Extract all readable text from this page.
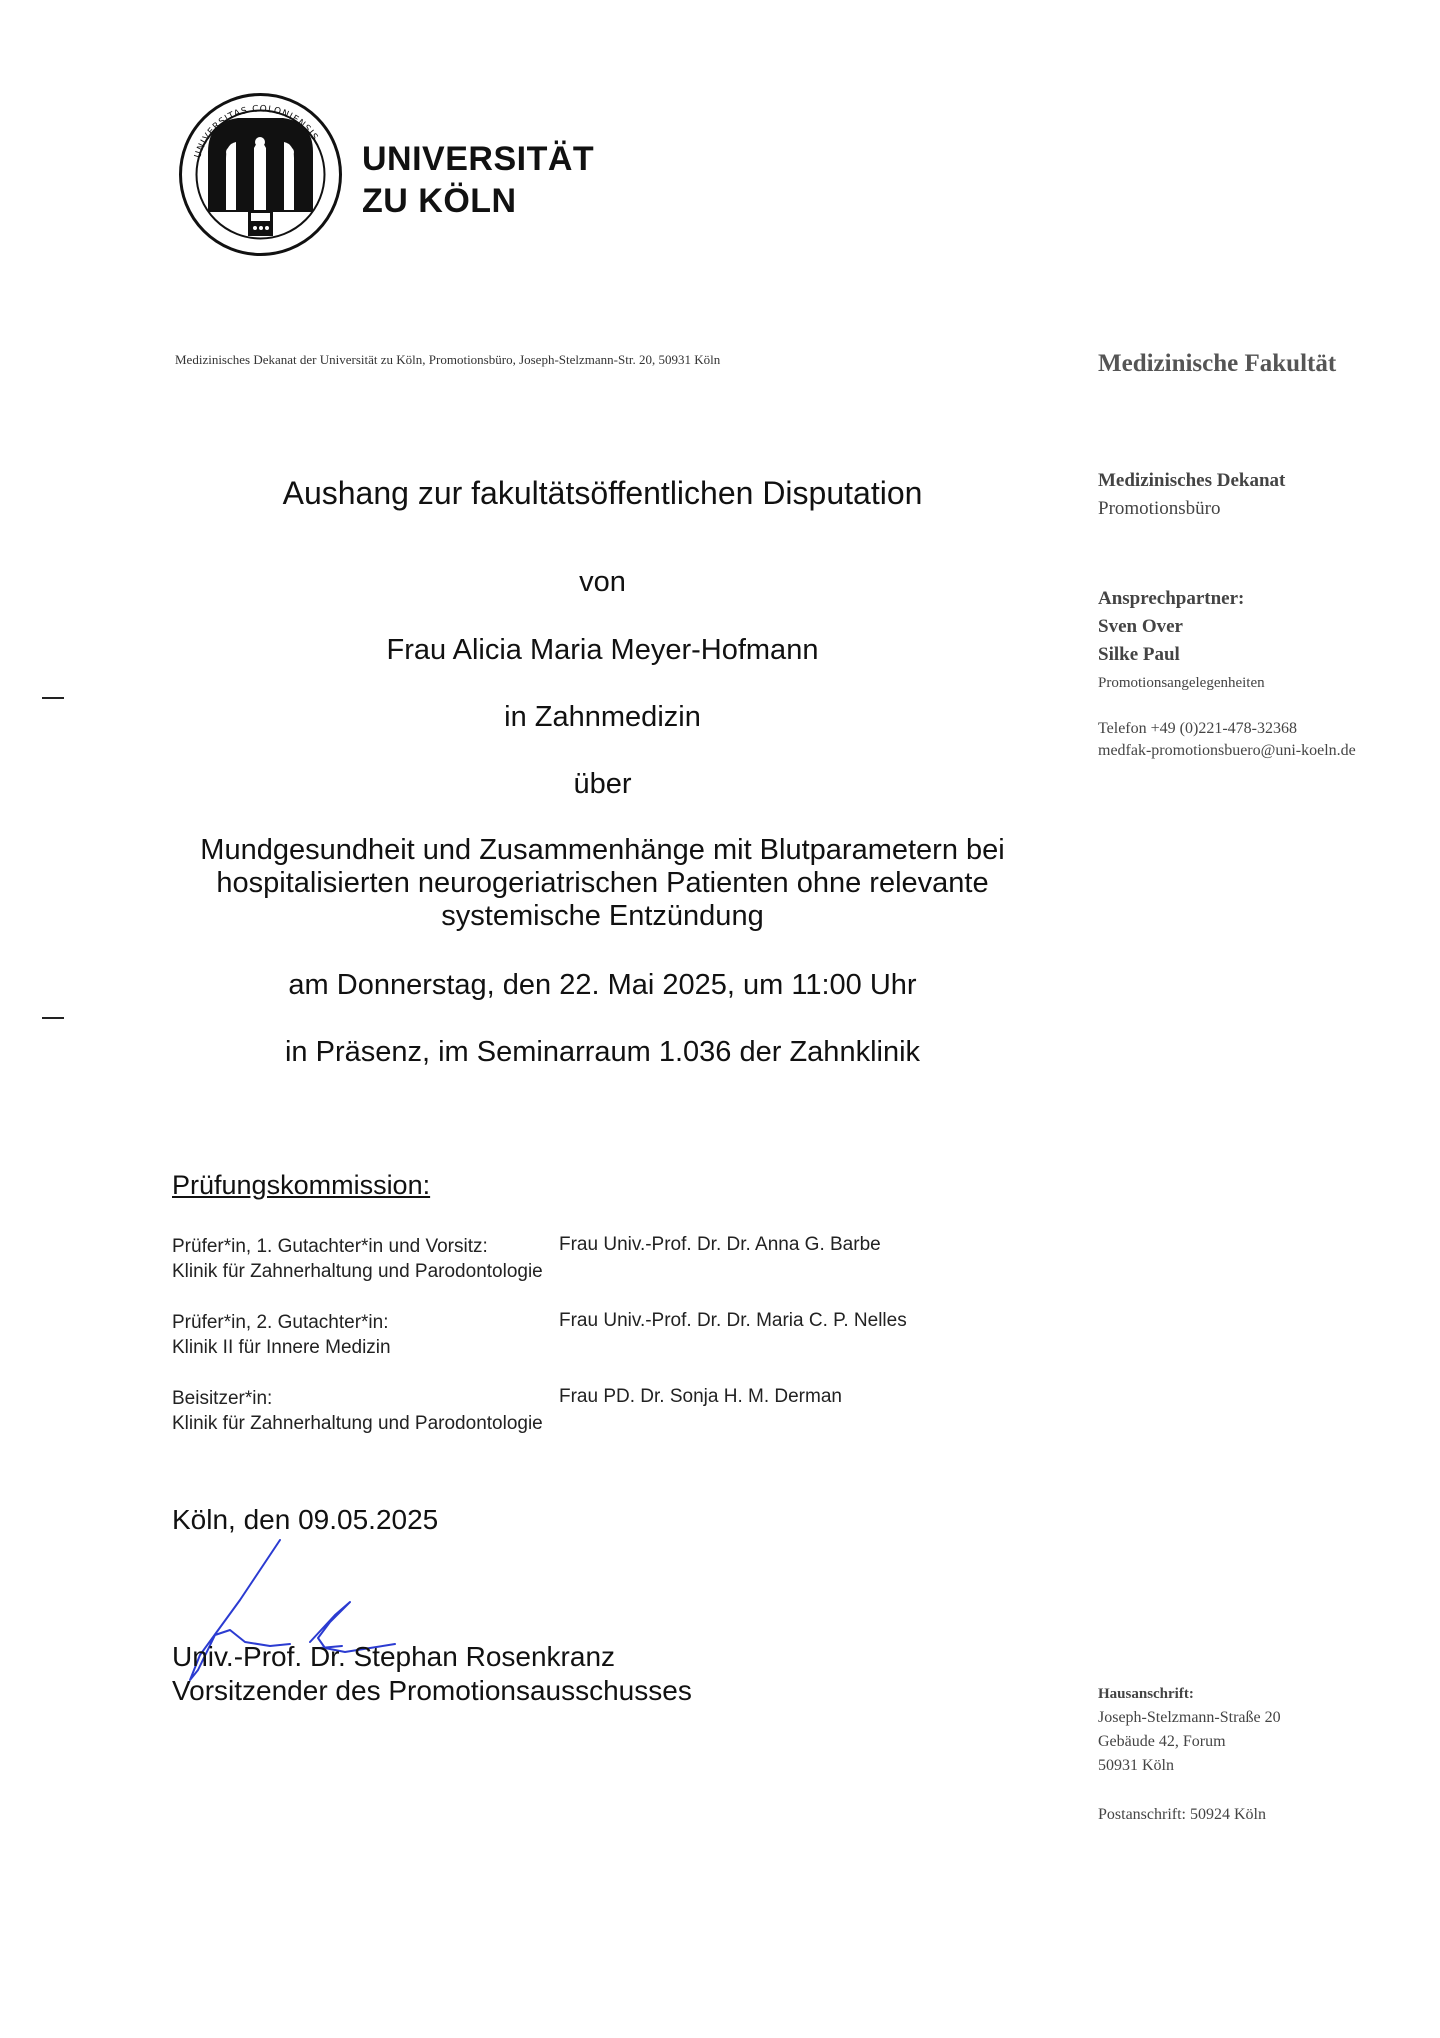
UNIVERSITAS COLONIENSIS
UNIVERSITÄT
ZU KÖLN
Medizinisches Dekanat der Universität zu Köln, Promotionsbüro, Joseph-Stelzmann-Str. 20, 50931 Köln	Medizinische Fakultät
Medizinisches Dekanat
Promotionsbüro
Ansprechpartner:
Sven Over
Silke Paul
Promotionsangelegenheiten
Telefon +49 (0)221-478-32368
medfak-promotionsbuero@uni-koeln.de
Hausanschrift:
Joseph-Stelzmann-Straße 20
Gebäude 42, Forum
50931 Köln
Postanschrift: 50924 Köln
Aushang zur fakultätsöffentlichen Disputation
von
Frau Alicia Maria Meyer-Hofmann
in Zahnmedizin
über
Mundgesundheit und Zusammenhänge mit Blutparametern bei
hospitalisierten neurogeriatrischen Patienten ohne relevante
systemische Entzündung
am Donnerstag, den 22. Mai 2025, um 11:00 Uhr
in Präsenz, im Seminarraum 1.036 der Zahnklinik
Prüfungskommission:
Prüfer*in, 1. Gutachter*in und Vorsitz:
Klinik für Zahnerhaltung und Parodontologie
Frau Univ.-Prof. Dr. Dr. Anna G. Barbe
Prüfer*in, 2. Gutachter*in:
Klinik II für Innere Medizin
Frau Univ.-Prof. Dr. Dr. Maria C. P. Nelles
Beisitzer*in:
Klinik für Zahnerhaltung und Parodontologie
Frau PD. Dr. Sonja H. M. Derman
Köln, den 09.05.2025
Univ.-Prof. Dr. Stephan Rosenkranz
Vorsitzender des Promotionsausschusses
